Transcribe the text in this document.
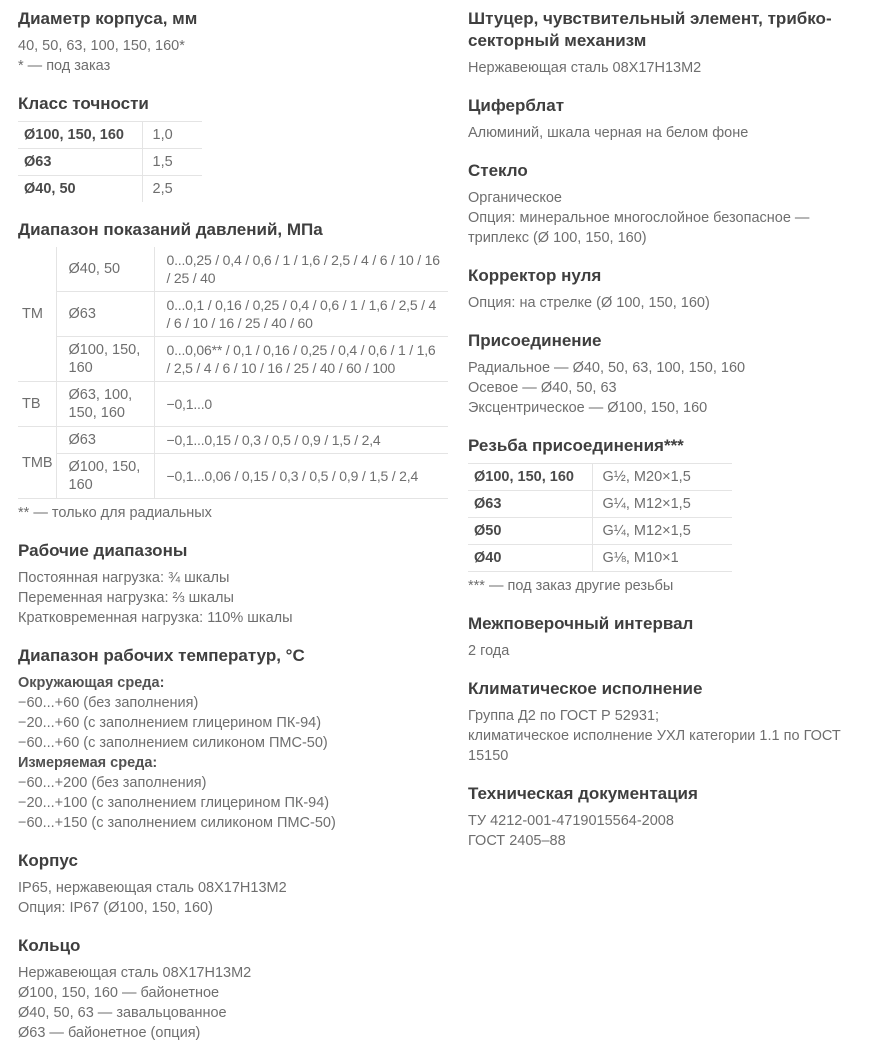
Диаметр корпуса, мм

40, 50, 63, 100, 150, 160*

* — под заказ

Класс точности
Ø100, 150, 160	1,0
Ø63	1,5
Ø40, 50	2,5
Диапазон показаний давлений, МПа
ТМ	Ø40, 50	0...0,25 / 0,4 / 0,6 / 1 / 1,6 / 2,5 / 4 / 6 / 10 / 16 / 25 / 40
	Ø63	0...0,1 / 0,16 / 0,25 / 0,4 / 0,6 / 1 / 1,6 / 2,5 / 4 / 6 / 10 / 16 / 25 / 40 / 60
	Ø100, 150, 160	0...0,06** / 0,1 / 0,16 / 0,25 / 0,4 / 0,6 / 1 / 1,6 / 2,5 / 4 / 6 / 10 / 16 / 25 / 40 / 60 / 100
ТВ	Ø63, 100, 150, 160	−0,1...0
ТМВ	Ø63	−0,1...0,15 / 0,3 / 0,5 / 0,9 / 1,5 / 2,4
	Ø100, 150, 160	−0,1...0,06 / 0,15 / 0,3 / 0,5 / 0,9 / 1,5 / 2,4

** — только для радиальных

Рабочие диапазоны

Постоянная нагрузка: ¾ шкалы

Переменная нагрузка: ⅔ шкалы

Кратковременная нагрузка: 110% шкалы

Диапазон рабочих температур, °С

Окружающая среда:

−60...+60 (без заполнения)

−20...+60 (с заполнением глицерином ПК-94)

−60...+60 (с заполнением силиконом ПМС-50)

Измеряемая среда:

−60...+200 (без заполнения)

−20...+100 (с заполнением глицерином ПК-94)

−60...+150 (с заполнением силиконом ПМС-50)

Корпус

IP65, нержавеющая сталь 08Х17Н13М2

Опция: IP67 (Ø100, 150, 160)

Кольцо

Нержавеющая сталь 08Х17Н13М2

Ø100, 150, 160 — байонетное

Ø40, 50, 63 — завальцованное

Ø63 — байонетное (опция)

Штуцер, чувствительный элемент, трибко-секторный механизм

Нержавеющая сталь 08Х17Н13М2

Циферблат

Алюминий, шкала черная на белом фоне

Стекло

Органическое

Опция: минеральное многослойное безопасное — триплекс (Ø 100, 150, 160)

Корректор нуля

Опция: на стрелке (Ø 100, 150, 160)

Присоединение

Радиальное — Ø40, 50, 63, 100, 150, 160

Осевое — Ø40, 50, 63

Эксцентрическое — Ø100, 150, 160

Резьба присоединения***
Ø100, 150, 160	G½, M20×1,5
Ø63	G¼, M12×1,5
Ø50	G¼, M12×1,5
Ø40	G⅛, M10×1

*** — под заказ другие резьбы

Межповерочный интервал

2 года

Климатическое исполнение

Группа Д2 по ГОСТ Р 52931;

климатическое исполнение УХЛ категории 1.1 по ГОСТ 15150

Техническая документация

ТУ 4212-001-4719015564-2008

ГОСТ 2405–88
